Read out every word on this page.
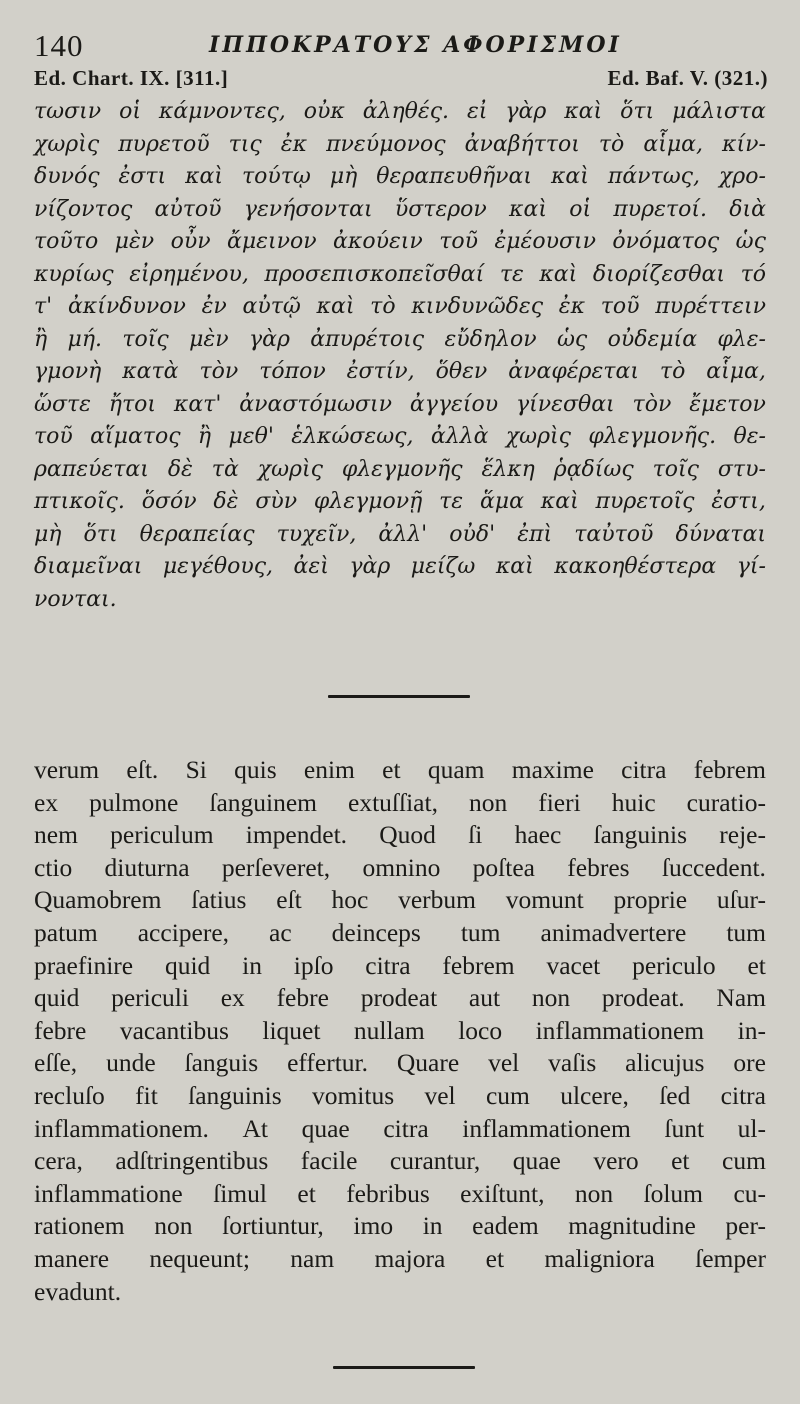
140	ΙΠΠΟΚΡΑΤΟΥΣ ΑΦΟΡΙΣΜΟΙ
Ed. Chart. IX. [311.]	Ed. Baf. V. (321.)
τωσιν οἱ κάμνοντες, οὐκ ἀληθές. εἰ γὰρ καὶ ὅτι μάλιστα
χωρὶς πυρετοῦ τις ἐκ πνεύμονος ἀναβήττοι τὸ αἷμα, κίν-
δυνός ἐστι καὶ τούτῳ μὴ θεραπευθῆναι καὶ πάντως, χρο-
νίζοντος αὐτοῦ γενήσονται ὕστερον καὶ οἱ πυρετοί. διὰ
τοῦτο μὲν οὖν ἄμεινον ἀκούειν τοῦ ἐμέουσιν ὀνόματος ὡς
κυρίως εἰρημένου, προσεπισκοπεῖσθαί τε καὶ διορίζεσθαι τό
τ' ἀκίνδυνον ἐν αὐτῷ καὶ τὸ κινδυνῶδες ἐκ τοῦ πυρέττειν
ἢ μή. τοῖς μὲν γὰρ ἀπυρέτοις εὔδηλον ὡς οὐδεμία φλε-
γμονὴ κατὰ τὸν τόπον ἐστίν, ὅθεν ἀναφέρεται τὸ αἷμα,
ὥστε ἤτοι κατ' ἀναστόμωσιν ἀγγείου γίνεσθαι τὸν ἔμετον
τοῦ αἵματος ἢ μεθ' ἑλκώσεως, ἀλλὰ χωρὶς φλεγμονῆς. θε-
ραπεύεται δὲ τὰ χωρὶς φλεγμονῆς ἕλκη ῥᾳδίως τοῖς στυ-
πτικοῖς. ὅσόν δὲ σὺν φλεγμονῇ τε ἅμα καὶ πυρετοῖς ἐστι,
μὴ ὅτι θεραπείας τυχεῖν, ἀλλ' οὐδ' ἐπὶ ταὐτοῦ δύναται
διαμεῖναι μεγέθους, ἀεὶ γὰρ μείζω καὶ κακοηθέστερα γί-
νονται.
verum eſt. Si quis enim et quam maxime citra febrem
ex pulmone ſanguinem extuſſiat, non fieri huic curatio-
nem periculum impendet. Quod ſi haec ſanguinis reje-
ctio diuturna perſeveret, omnino poſtea febres ſuccedent.
Quamobrem ſatius eſt hoc verbum vomunt proprie uſur-
patum accipere, ac deinceps tum animadvertere tum
praefinire quid in ipſo citra febrem vacet periculo et
quid periculi ex febre prodeat aut non prodeat. Nam
febre vacantibus liquet nullam loco inflammationem in-
eſſe, unde ſanguis effertur. Quare vel vaſis alicujus ore
recluſo fit ſanguinis vomitus vel cum ulcere, ſed citra
inflammationem. At quae citra inflammationem ſunt ul-
cera, adſtringentibus facile curantur, quae vero et cum
inflammatione ſimul et febribus exiſtunt, non ſolum cu-
rationem non ſortiuntur, imo in eadem magnitudine per-
manere nequeunt; nam majora et maligniora ſemper
evadunt.
